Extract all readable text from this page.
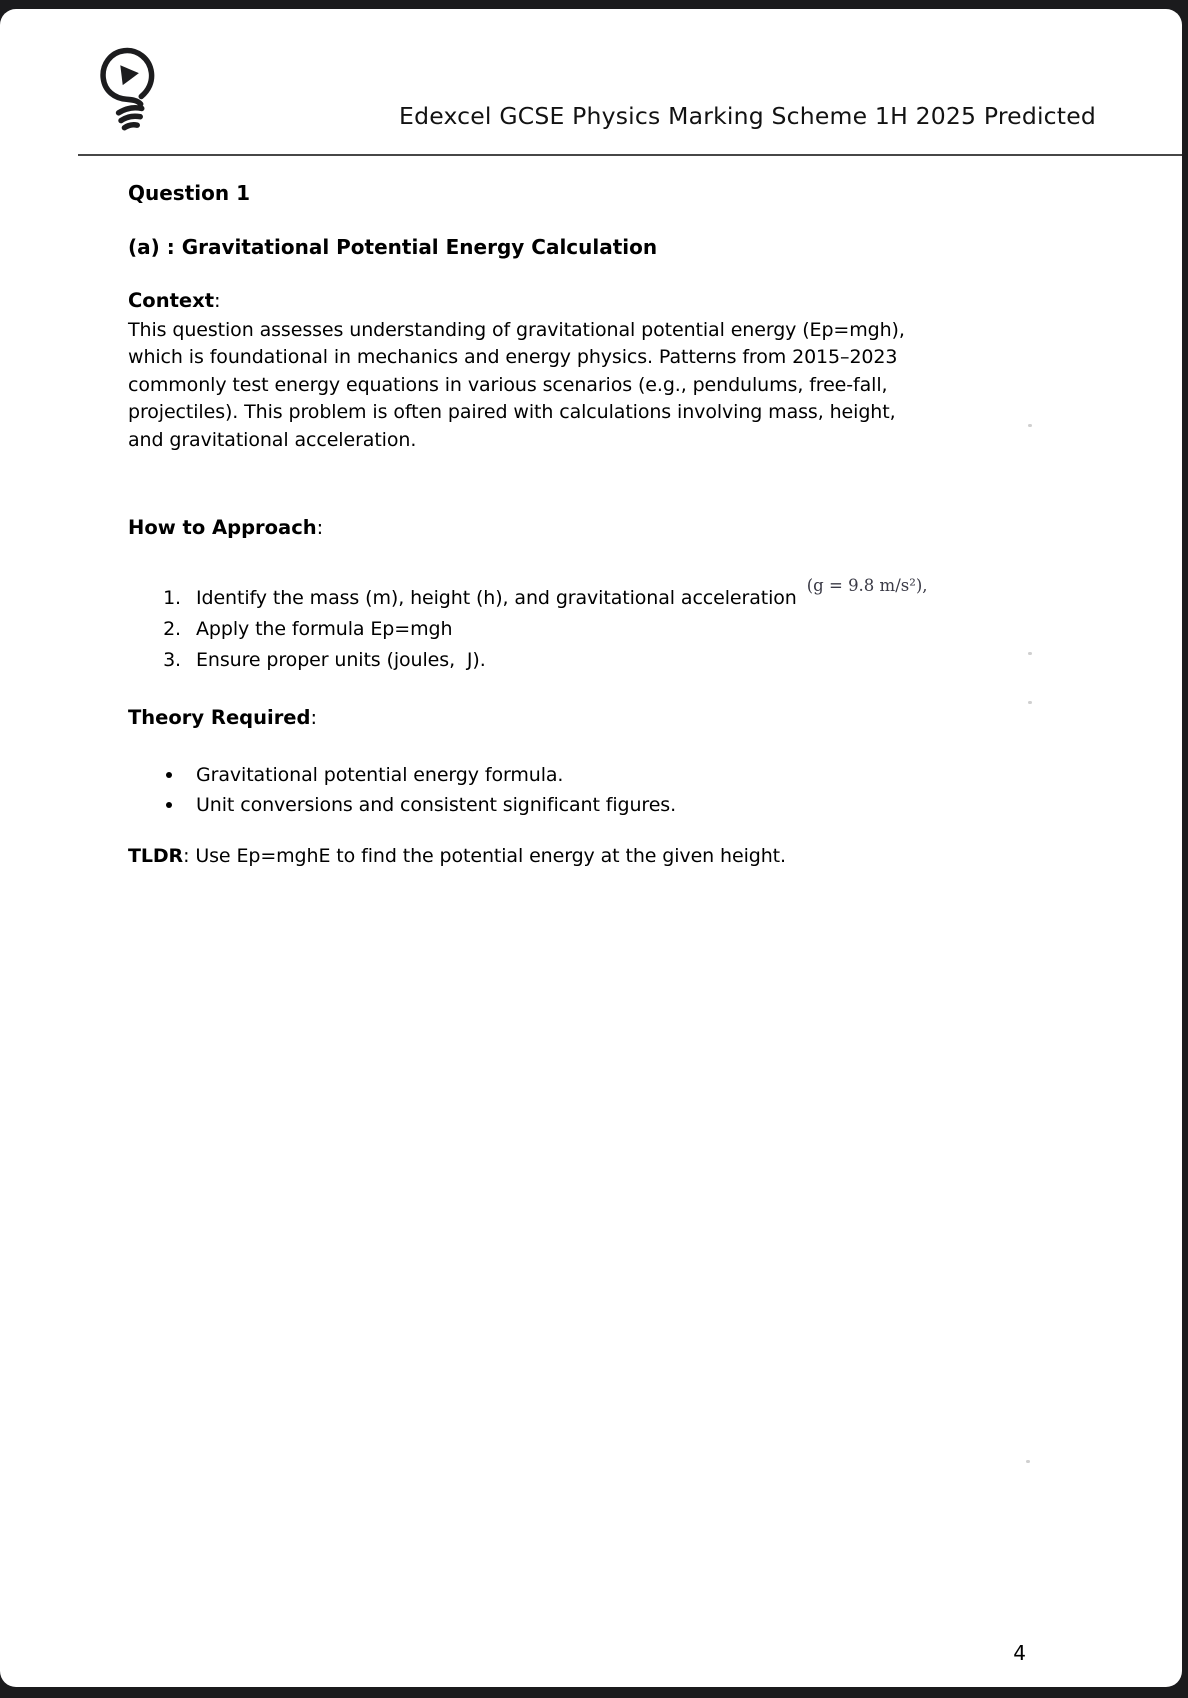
Edexcel GCSE Physics Marking Scheme 1H 2025 Predicted
Question 1
(a) : Gravitational Potential Energy Calculation
Context:
This question assesses understanding of gravitational potential energy (Ep=mgh),
which is foundational in mechanics and energy physics. Patterns from 2015–2023
commonly test energy equations in various scenarios (e.g., pendulums, free-fall,
projectiles). This problem is often paired with calculations involving mass, height,
and gravitational acceleration.
How to Approach:
1. Identify the mass (m), height (h), and gravitational acceleration(g = 9.8 m/s²),
2. Apply the formula Ep=mgh
3. Ensure proper units (joules,  J).
Theory Required:
Gravitational potential energy formula.
Unit conversions and consistent significant figures.
TLDR: Use Ep=mghE to find the potential energy at the given height.
4
